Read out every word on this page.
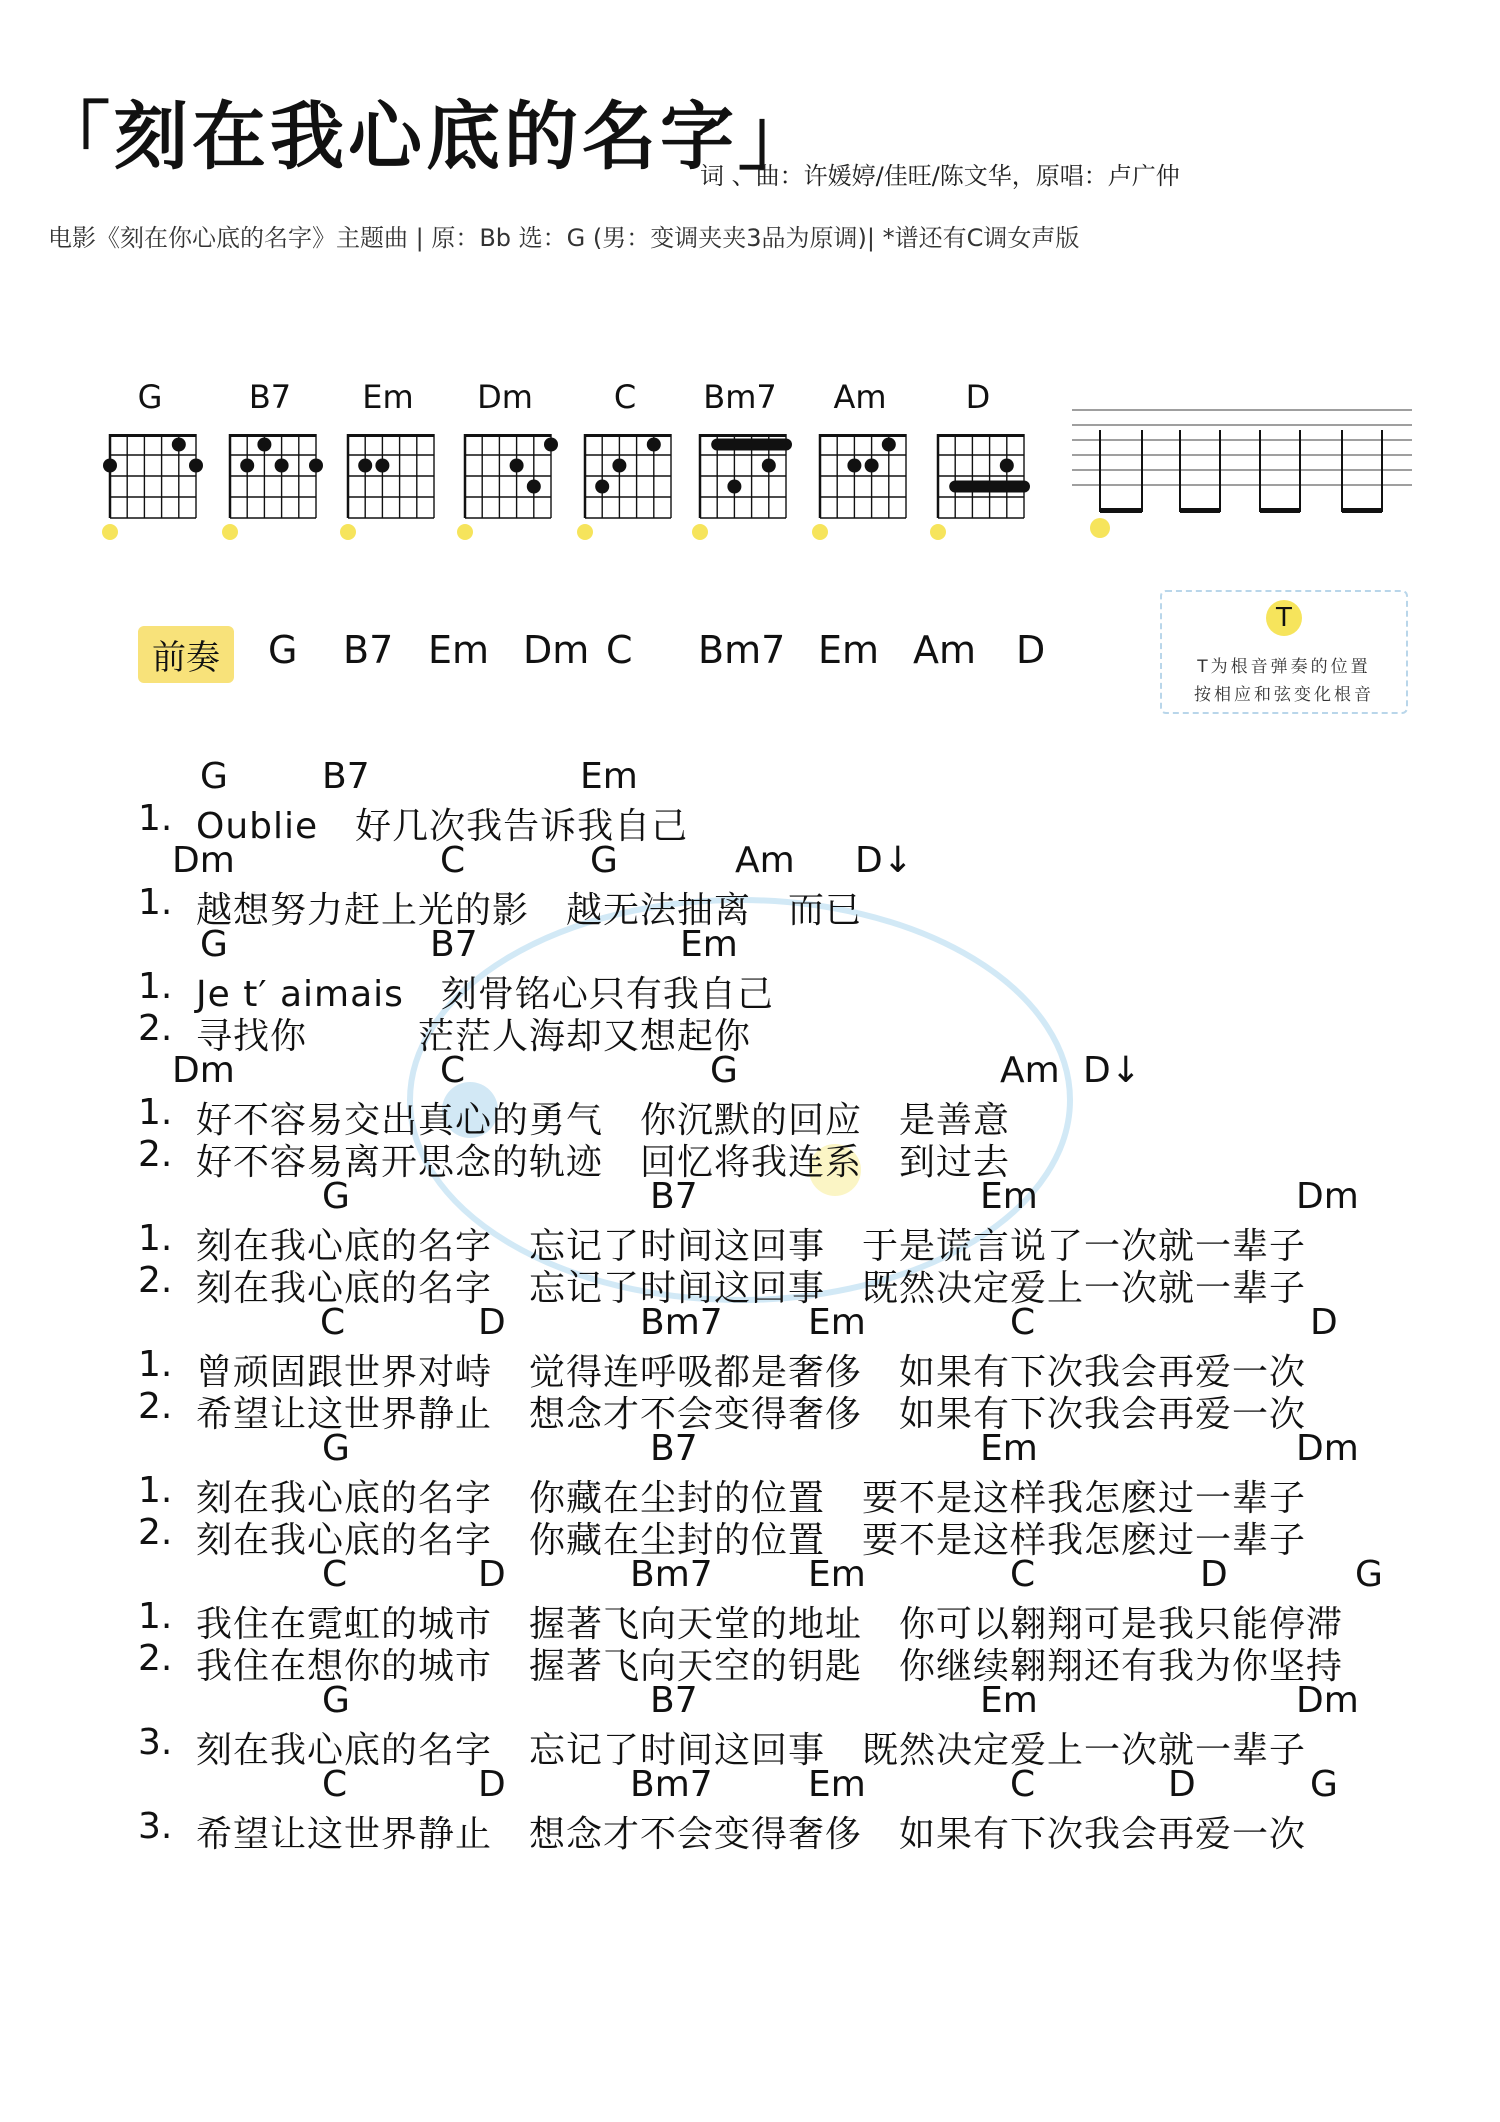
「刻在我心底的名字」
词 、曲：许媛婷/佳旺/陈文华，原唱：卢广仲
电影《刻在你心底的名字》主题曲 | 原：Bb 选：G (男：变调夹夹3品为原调)| *谱还有C调女声版
G	B7	Em	Dm	C	Bm7	Am	D
前奏	G B7 Em Dm C Bm7 Em Am D
T
T为根音弹奏的位置
按相应和弦变化根音
G	B7	Em
1. Oublie　好几次我告诉我自己
Dm	C	G	Am D↓
1. 越想努力赶上光的影　越无法抽离　而已
G	B7	Em
1. Je t′ aimais　刻骨铭心只有我自己
2. 寻找你　　　茫茫人海却又想起你
Dm	C	G	Am D↓
1. 好不容易交出真心的勇气　你沉默的回应　是善意
2. 好不容易离开思念的轨迹　回忆将我连系　到过去
G	B7	Em	Dm
1. 刻在我心底的名字　忘记了时间这回事　于是谎言说了一次就一辈子
2. 刻在我心底的名字　忘记了时间这回事　既然决定爱上一次就一辈子
C	D	Bm7 Em	C	D
1. 曾顽固跟世界对峙　觉得连呼吸都是奢侈　如果有下次我会再爱一次
2. 希望让这世界静止　想念才不会变得奢侈　如果有下次我会再爱一次
G	B7	Em	Dm
1. 刻在我心底的名字　你藏在尘封的位置　要不是这样我怎麽过一辈子
2. 刻在我心底的名字　你藏在尘封的位置　要不是这样我怎麽过一辈子
C	D	Bm7	Em	C	D	G
1. 我住在霓虹的城市　握著飞向天堂的地址　你可以翱翔可是我只能停滞
2. 我住在想你的城市　握著飞向天空的钥匙　你继续翱翔还有我为你坚持
G	B7	Em	Dm
3. 刻在我心底的名字　忘记了时间这回事　既然决定爱上一次就一辈子
C	D	Bm7	Em	C	D	G
3. 希望让这世界静止　想念才不会变得奢侈　如果有下次我会再爱一次
